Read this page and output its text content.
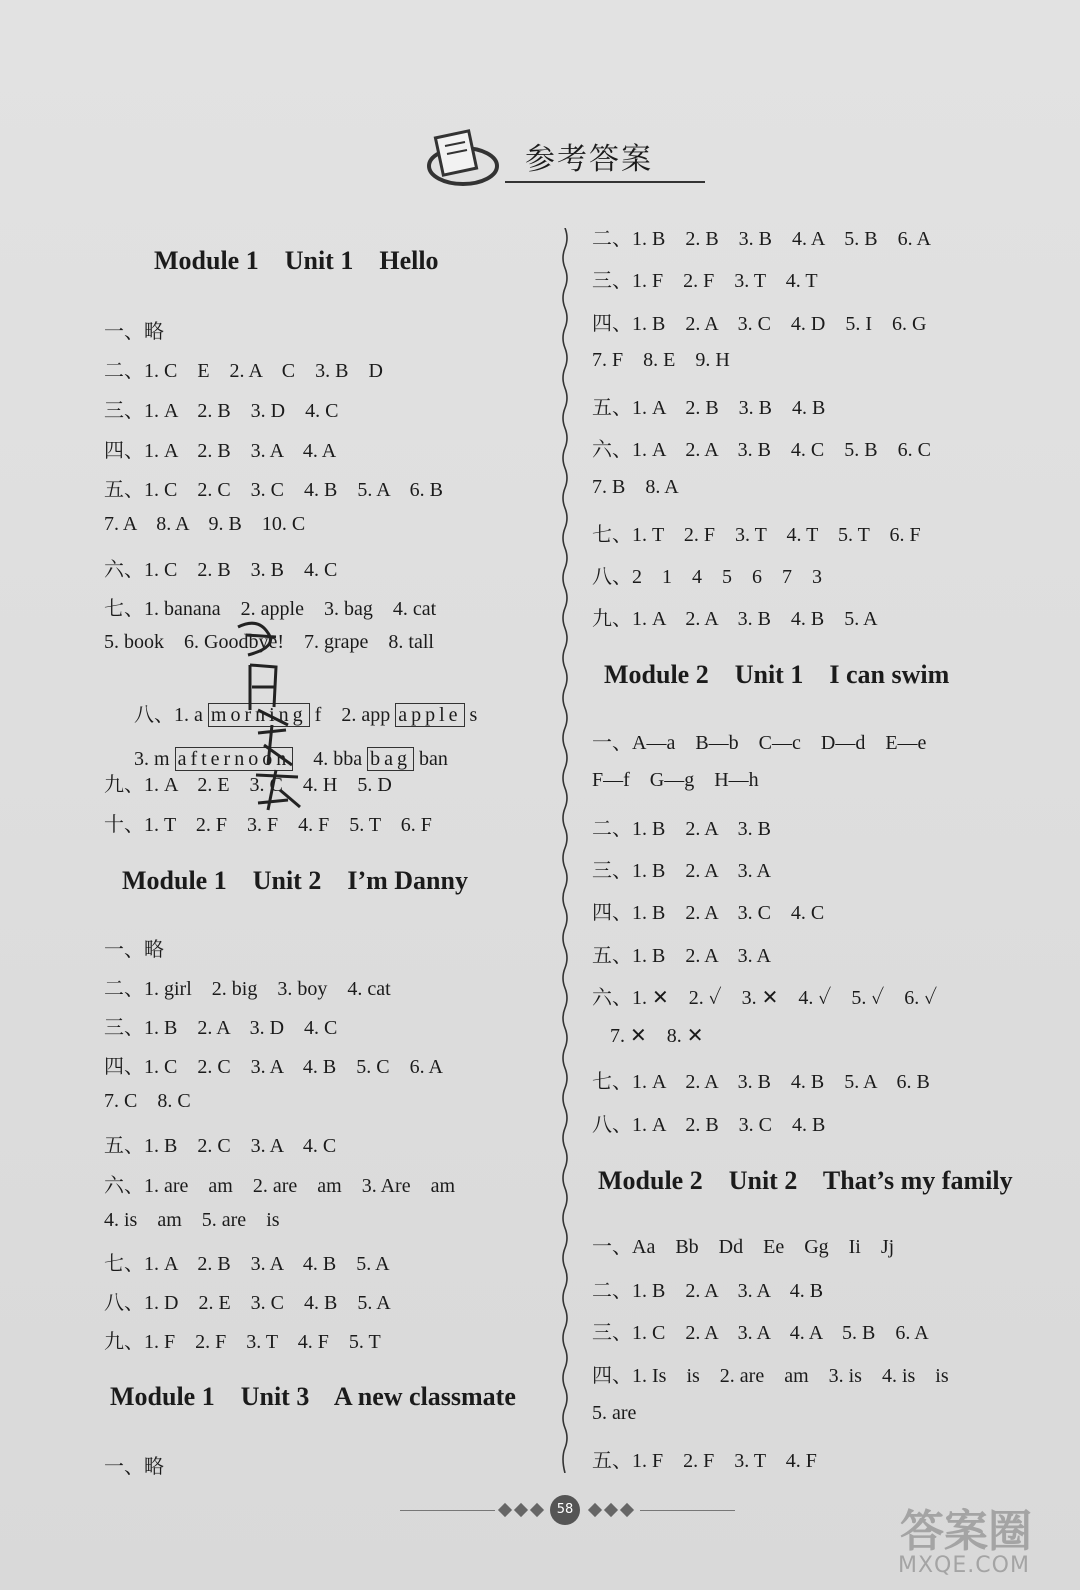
参考答案
Module 1    Unit 1    Hello
一、略
二、1. C    E    2. A    C    3. B    D
三、1. A    2. B    3. D    4. C
四、1. A    2. B    3. A    4. A
五、1. C    2. C    3. C    4. B    5. A    6. B
7. A    8. A    9. B    10. C
六、1. C    2. B    3. B    4. C
七、1. banana    2. apple    3. bag    4. cat
5. book    6. Goodbye!    7. grape    8. tall

八、1. a morning f    2. app apple s

3. m afternoon    4. bba bag ban

九、1. A    2. E    3. C    4. H    5. D
十、1. T    2. F    3. F    4. F    5. T    6. F
Module 1    Unit 2    I’m Danny
一、略
二、1. girl    2. big    3. boy    4. cat
三、1. B    2. A    3. D    4. C
四、1. C    2. C    3. A    4. B    5. C    6. A
7. C    8. C
五、1. B    2. C    3. A    4. C
六、1. are    am    2. are    am    3. Are    am
4. is    am    5. are    is
七、1. A    2. B    3. A    4. B    5. A
八、1. D    2. E    3. C    4. B    5. A
九、1. F    2. F    3. T    4. F    5. T
Module 1    Unit 3    A new classmate
一、略
二、1. B    2. B    3. B    4. A    5. B    6. A
三、1. F    2. F    3. T    4. T
四、1. B    2. A    3. C    4. D    5. I    6. G
7. F    8. E    9. H
五、1. A    2. B    3. B    4. B
六、1. A    2. A    3. B    4. C    5. B    6. C
7. B    8. A
七、1. T    2. F    3. T    4. T    5. T    6. F
八、2    1    4    5    6    7    3
九、1. A    2. A    3. B    4. B    5. A
Module 2    Unit 1    I can swim
一、A—a    B—b    C—c    D—d    E—e
F—f    G—g    H—h
二、1. B    2. A    3. B
三、1. B    2. A    3. A
四、1. B    2. A    3. C    4. C
五、1. B    2. A    3. A
六、1. ✕    2. ✓    3. ✕    4. ✓    5. ✓    6. ✓
7. ✕    8. ✕
七、1. A    2. A    3. B    4. B    5. A    6. B
八、1. A    2. B    3. C    4. B
Module 2    Unit 2    That’s my family
一、Aa    Bb    Dd    Ee    Gg    Ii    Jj
二、1. B    2. A    3. A    4. B
三、1. C    2. A    3. A    4. A    5. B    6. A
四、1. Is    is    2. are    am    3. is    4. is    is
5. are
五、1. F    2. F    3. T    4. F
58	答案圈
MXQE.COM
